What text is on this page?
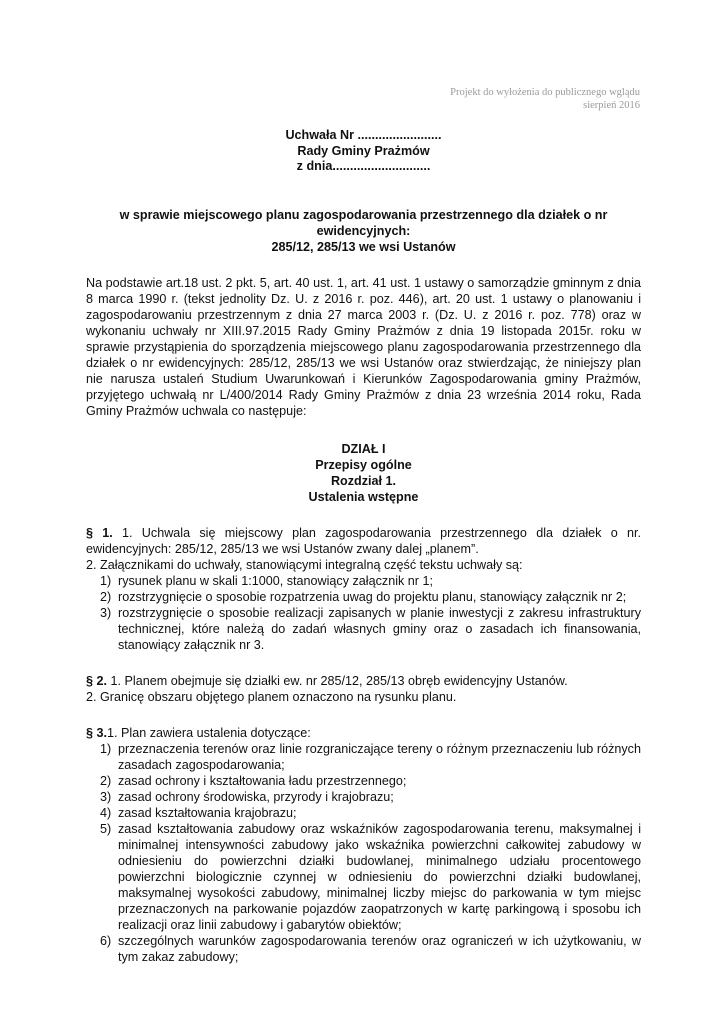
Projekt do wyłożenia do publicznego wglądu
sierpień 2016
Uchwała Nr ........................
Rady Gminy Prażmów
z dnia............................
w sprawie miejscowego planu zagospodarowania przestrzennego dla działek o nr ewidencyjnych:
285/12, 285/13 we wsi Ustanów
Na podstawie art.18 ust. 2 pkt. 5, art. 40 ust. 1, art. 41 ust. 1 ustawy o samorządzie gminnym z dnia 8 marca 1990 r. (tekst jednolity Dz. U. z 2016 r. poz. 446), art. 20 ust. 1 ustawy o planowaniu i zagospodarowaniu przestrzennym z dnia 27 marca 2003 r. (Dz. U. z 2016 r. poz. 778) oraz w wykonaniu uchwały nr XIII.97.2015 Rady Gminy Prażmów z dnia 19 listopada 2015r. roku w sprawie przystąpienia do sporządzenia miejscowego planu zagospodarowania przestrzennego dla działek o nr ewidencyjnych: 285/12, 285/13 we wsi Ustanów oraz stwierdzając, że niniejszy plan nie narusza ustaleń Studium Uwarunkowań i Kierunków Zagospodarowania gminy Prażmów, przyjętego uchwałą nr L/400/2014 Rady Gminy Prażmów z dnia 23 września 2014 roku, Rada Gminy Prażmów uchwala co następuje:
DZIAŁ I
Przepisy ogólne
Rozdział 1.
Ustalenia wstępne
§ 1. 1. Uchwala się miejscowy plan zagospodarowania przestrzennego dla działek o nr. ewidencyjnych: 285/12, 285/13 we wsi Ustanów zwany dalej „planem”.
2. Załącznikami do uchwały, stanowiącymi integralną część tekstu uchwały są:
1) rysunek planu w skali 1:1000, stanowiący załącznik nr 1;
2) rozstrzygnięcie o sposobie rozpatrzenia uwag do projektu planu, stanowiący załącznik nr 2;
3) rozstrzygnięcie o sposobie realizacji zapisanych w planie inwestycji z zakresu infrastruktury technicznej, które należą do zadań własnych gminy oraz o zasadach ich finansowania, stanowiący załącznik nr 3.
§ 2. 1. Planem obejmuje się działki ew. nr 285/12, 285/13 obręb ewidencyjny Ustanów.
2. Granicę obszaru objętego planem oznaczono na rysunku planu.
§ 3.1. Plan zawiera ustalenia dotyczące:
1) przeznaczenia terenów oraz linie rozgraniczające tereny o różnym przeznaczeniu lub różnych zasadach zagospodarowania;
2) zasad ochrony i kształtowania ładu przestrzennego;
3) zasad ochrony środowiska, przyrody i krajobrazu;
4) zasad kształtowania krajobrazu;
5) zasad kształtowania zabudowy oraz wskaźników zagospodarowania terenu, maksymalnej i minimalnej intensywności zabudowy jako wskaźnika powierzchni całkowitej zabudowy w odniesieniu do powierzchni działki budowlanej, minimalnego udziału procentowego powierzchni biologicznie czynnej w odniesieniu do powierzchni działki budowlanej, maksymalnej wysokości zabudowy, minimalnej liczby miejsc do parkowania w tym miejsc przeznaczonych na parkowanie pojazdów zaopatrzonych w kartę parkingową i sposobu ich realizacji oraz linii zabudowy i gabarytów obiektów;
6) szczególnych warunków zagospodarowania terenów oraz ograniczeń w ich użytkowaniu, w tym zakaz zabudowy;
